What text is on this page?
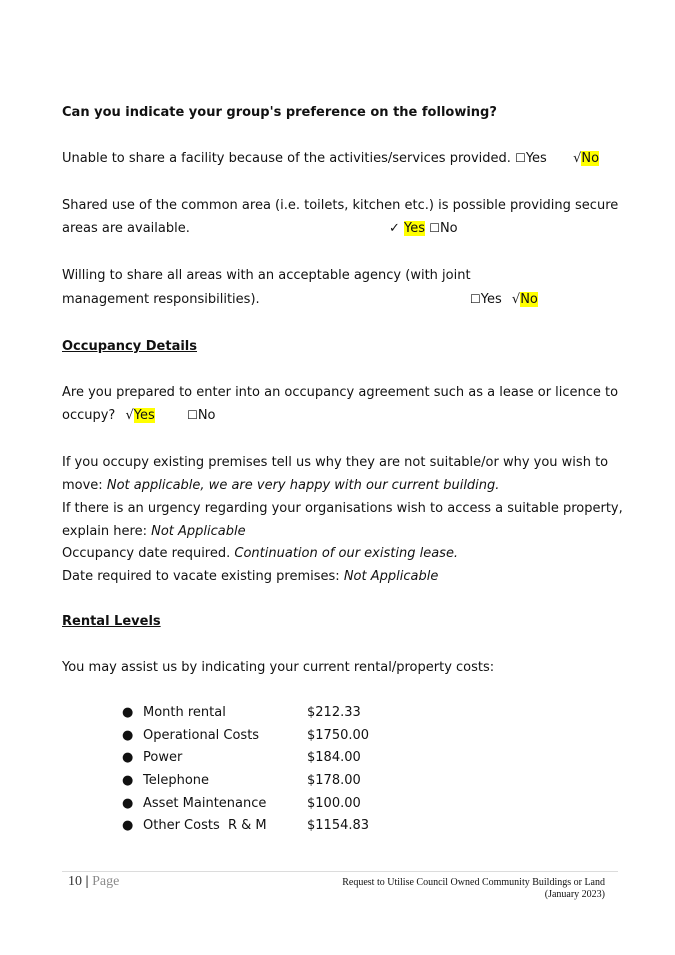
Can you indicate your group's preference on the following?
Unable to share a facility because of the activities/services provided. ☐Yes √No
Shared use of the common area (i.e. toilets, kitchen etc.) is possible providing secure
areas are available.	✓ Yes ☐No
Willing to share all areas with an acceptable agency (with joint
management responsibilities).	☐Yes √No
Occupancy Details
Are you prepared to enter into an occupancy agreement such as a lease or licence to
occupy? √Yes	☐No
If you occupy existing premises tell us why they are not suitable/or why you wish to
move: Not applicable, we are very happy with our current building.
If there is an urgency regarding your organisations wish to access a suitable property,
explain here: Not Applicable
Occupancy date required. Continuation of our existing lease.
Date required to vacate existing premises: Not Applicable
Rental Levels
You may assist us by indicating your current rental/property costs:
● Month rental	$212.33
● Operational Costs	$1750.00
● Power	$184.00
● Telephone	$178.00
● Asset Maintenance	$100.00
● Other Costs  R & M	$1154.83
10 | Page	Request to Utilise Council Owned Community Buildings or Land
(January 2023)
